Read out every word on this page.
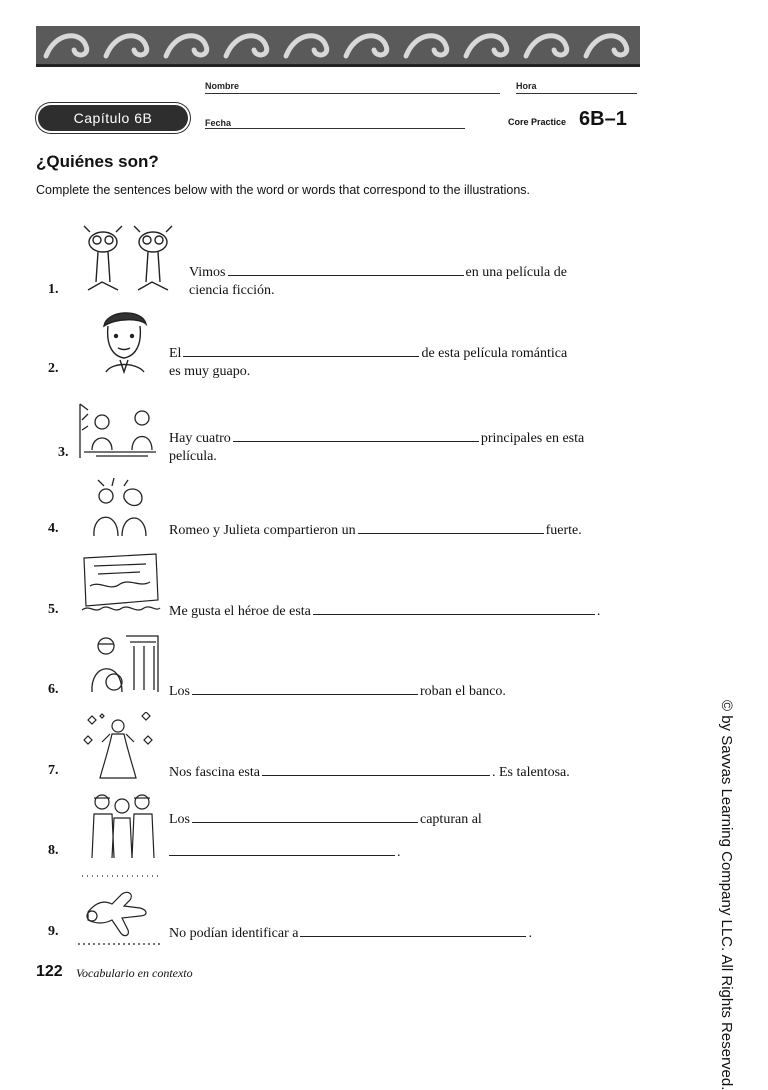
Nombre	Hora
Capítulo 6B	Fecha	Core Practice 6B–1
¿Quiénes son?
Complete the sentences below with the word or words that correspond to the illustrations.
1.
Vimos	en una película de
ciencia ficción.
2.
El	de esta película romántica
es muy guapo.
3.
Hay cuatro	principales en esta
película.
4.	Romeo y Julieta compartieron un	fuerte.
5.	Me gusta el héroe de esta	.
6.	Los	roban el banco.
7.	Nos fascina esta	. Es talentosa.
8.
Los	capturan al
.
9.	No podían identificar a	.
122 Vocabulario en contexto	© by Savvas Learning Company LLC. All Rights Reserved.
